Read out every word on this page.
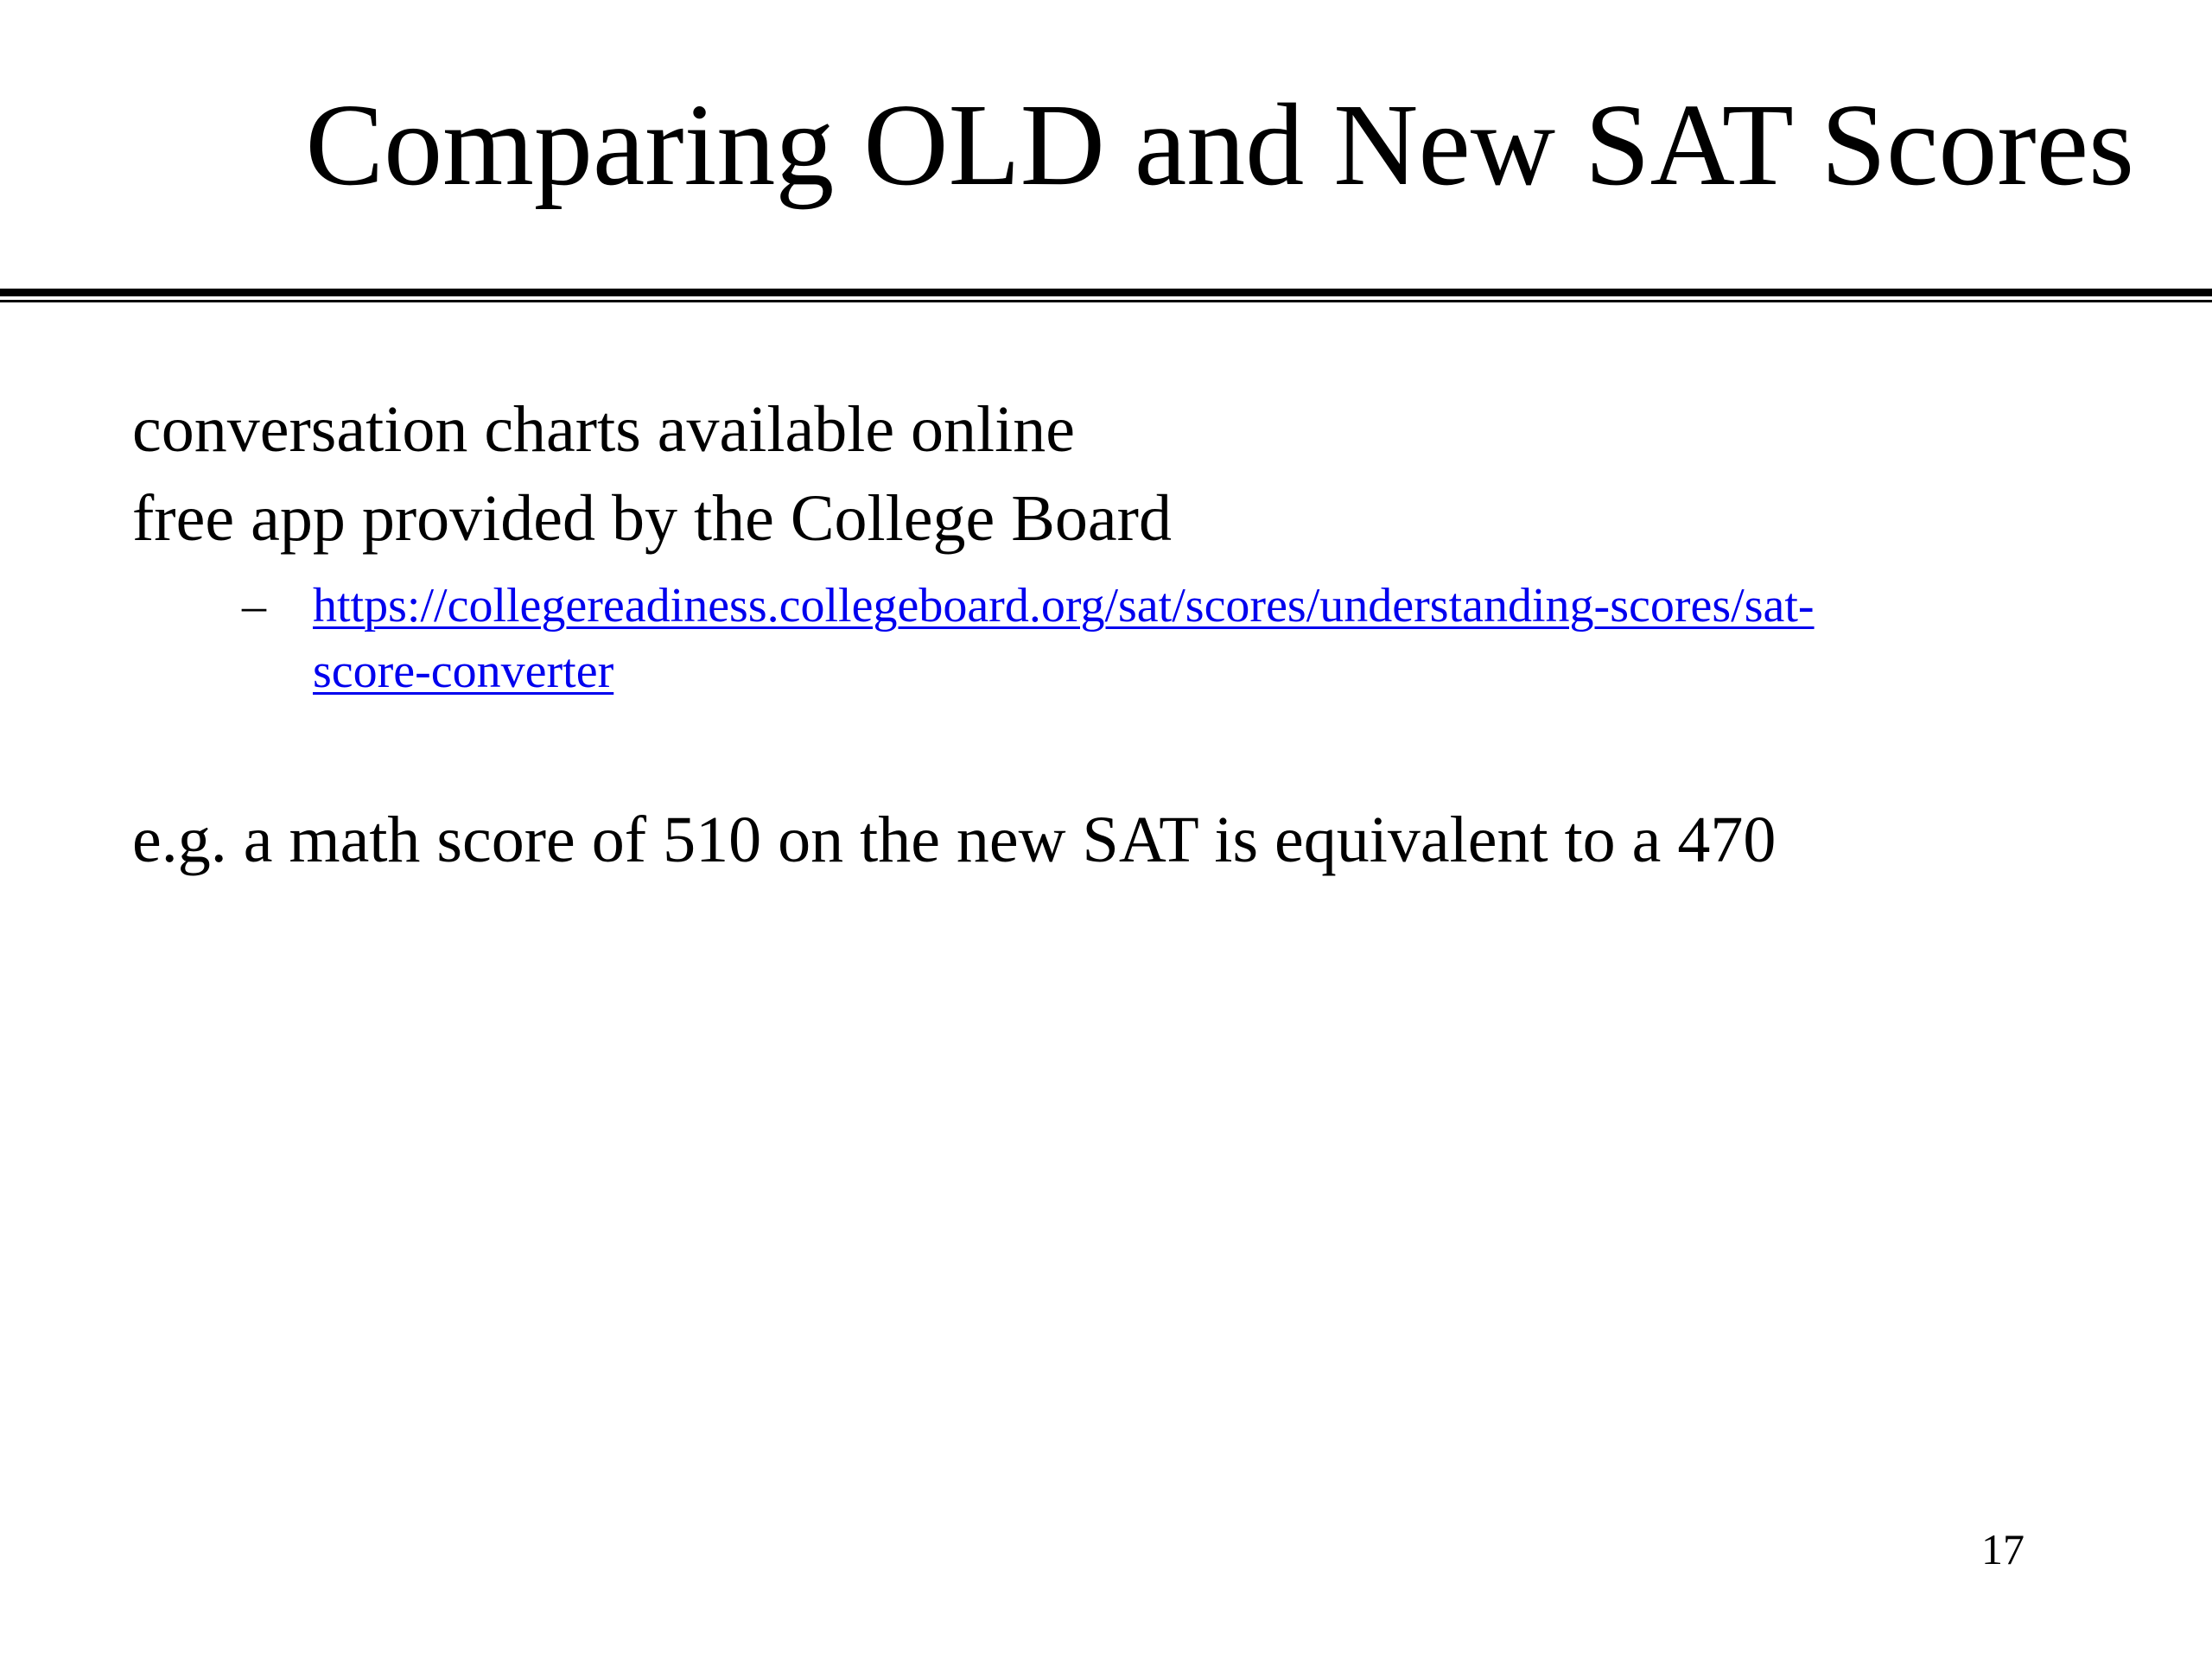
Comparing OLD and New SAT Scores
conversation charts available online
free app provided by the College Board
– https://collegereadiness.collegeboard.org/sat/scores/understanding-scores/sat-
score-converter
e.g. a math score of 510 on the new SAT is equivalent to a 470
17
